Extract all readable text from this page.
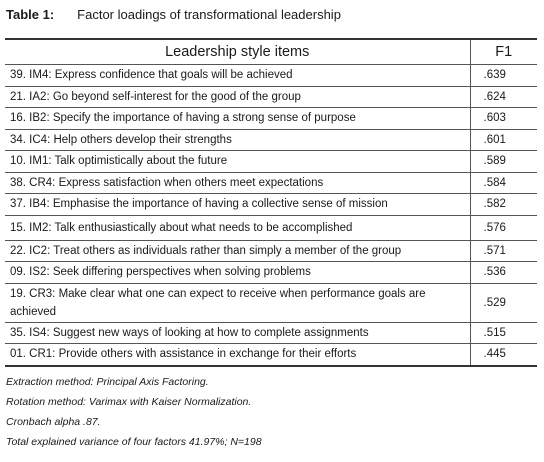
Table 1: Factor loadings of transformational leadership
Leadership style items	F1
39. IM4: Express confidence that goals will be achieved	.639
21. IA2: Go beyond self-interest for the good of the group	.624
16. IB2: Specify the importance of having a strong sense of purpose	.603
34. IC4: Help others develop their strengths	.601
10. IM1: Talk optimistically about the future	.589
38. CR4: Express satisfaction when others meet expectations	.584
37. IB4: Emphasise the importance of having a collective sense of mission	.582
15. IM2: Talk enthusiastically about what needs to be accomplished	.576
22. IC2: Treat others as individuals rather than simply a member of the group	.571
09. IS2: Seek differing perspectives when solving problems	.536
19. CR3: Make clear what one can expect to receive when performance goals are achieved	.529
35. IS4: Suggest new ways of looking at how to complete assignments	.515
01. CR1: Provide others with assistance in exchange for their efforts	.445
Extraction method: Principal Axis Factoring.
Rotation method: Varimax with Kaiser Normalization.
Cronbach alpha .87.
Total explained variance of four factors 41.97%; N=198
